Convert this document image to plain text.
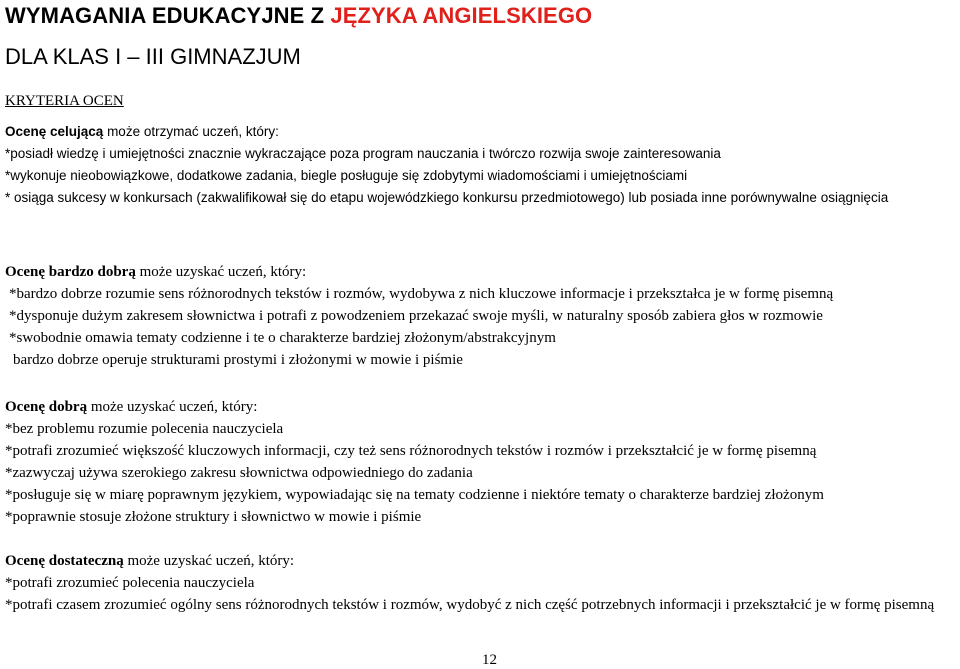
WYMAGANIA EDUKACYJNE Z JĘZYKA ANGIELSKIEGO
DLA KLAS I – III GIMNAZJUM
KRYTERIA OCEN
Ocenę celującą może otrzymać uczeń, który:
*posiadł wiedzę i umiejętności znacznie wykraczające poza program nauczania i twórczo rozwija swoje zainteresowania
*wykonuje nieobowiązkowe, dodatkowe zadania, biegle posługuje się zdobytymi wiadomościami i umiejętnościami
* osiąga sukcesy w konkursach (zakwalifikował się do etapu wojewódzkiego konkursu przedmiotowego) lub posiada inne porównywalne osiągnięcia
Ocenę bardzo dobrą może uzyskać uczeń, który:
*bardzo dobrze rozumie sens różnorodnych tekstów i rozmów, wydobywa z nich kluczowe informacje i przekształca je w formę pisemną
*dysponuje dużym zakresem słownictwa i potrafi z powodzeniem przekazać swoje myśli, w naturalny sposób zabiera głos w rozmowie
*swobodnie omawia tematy codzienne i te o charakterze bardziej złożonym/abstrakcyjnym
bardzo dobrze operuje strukturami prostymi i złożonymi w mowie i piśmie
Ocenę dobrą może uzyskać uczeń, który:
*bez problemu rozumie polecenia nauczyciela
*potrafi zrozumieć większość kluczowych informacji, czy też sens różnorodnych tekstów i rozmów i przekształcić je w formę pisemną
*zazwyczaj używa szerokiego zakresu słownictwa odpowiedniego do zadania
*posługuje się w miarę poprawnym językiem, wypowiadając się na tematy codzienne i niektóre tematy o charakterze bardziej złożonym
*poprawnie stosuje złożone struktury i słownictwo w mowie i piśmie
Ocenę dostateczną może uzyskać uczeń, który:
*potrafi zrozumieć polecenia nauczyciela
*potrafi czasem zrozumieć ogólny sens różnorodnych tekstów i rozmów, wydobyć z nich część potrzebnych informacji i przekształcić je w formę pisemną
12
